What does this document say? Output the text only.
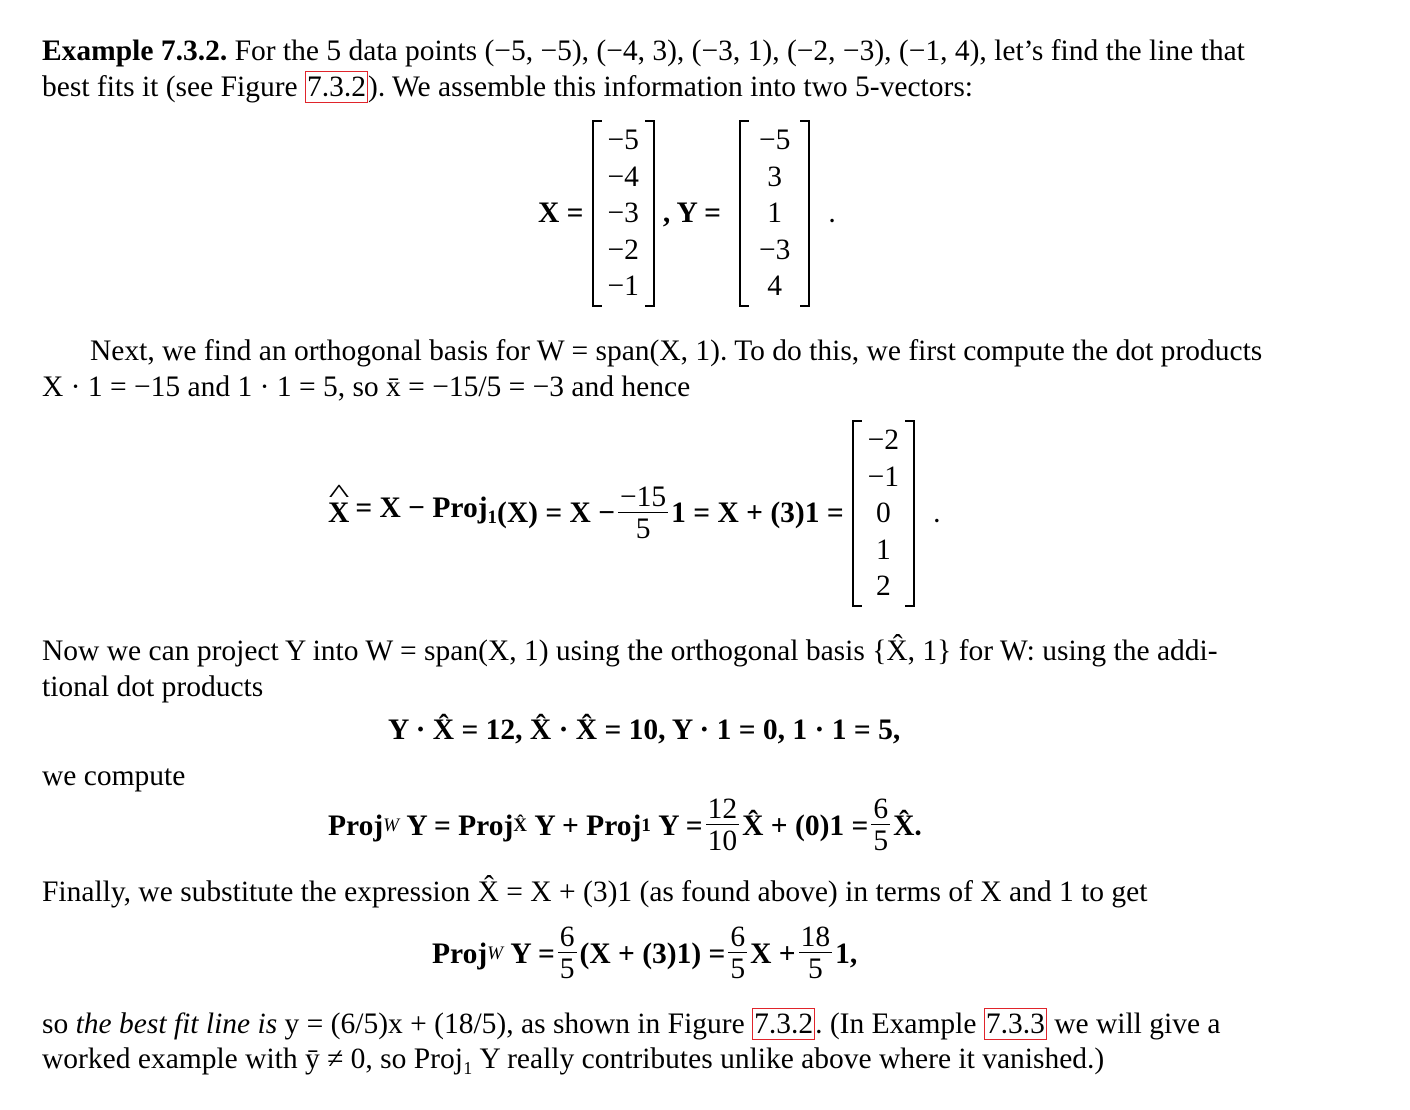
Example 7.3.2. For the 5 data points (−5, −5), (−4, 3), (−3, 1), (−2, −3), (−1, 4), let’s find the line that
best fits it (see Figure 7.3.2). We assemble this information into two 5-vectors:
X =
−5
−4
−3
−2
−1
, Y =
−5
3
1
−3
4
.
Next, we find an orthogonal basis for W = span(X, 1). To do this, we first compute the dot products
X · 1 = −15 and 1 · 1 = 5, so x̄ = −15/5 = −3 and hence
^ X = X − Proj$_1$ $(X) = X - \frac{-15}{5} 1 = X + (3)1$ =
−2
−1
0
1
2
.
Now we can project Y into W = span(X, 1) using the orthogonal basis {X̂, 1} for W: using the addi-
tional dot products
Y · X̂ = 12, X̂ · X̂ = 10, Y · 1 = 0, 1 · 1 = 5,
we compute
Proj W
Y = Proj X̂
Y + Proj 1
$Y = \frac{12}{10}$ X̂ + $(0)1 = \frac{6}{5}$ X̂.
Finally, we substitute the expression X̂ = X + (3)1 (as found above) in terms of X and 1 to get
Proj W
$Y = \frac{6}{5} (X + (3)1) = \frac{6}{5}$ $X + \frac{18}{5} 1$,
so the best fit line is y = (6/5)x + (18/5), as shown in Figure 7.3.2. (In Example 7.3.3 we will give a
worked example with ȳ ≠ 0, so Proj₁ Y really contributes unlike above where it vanished.)
